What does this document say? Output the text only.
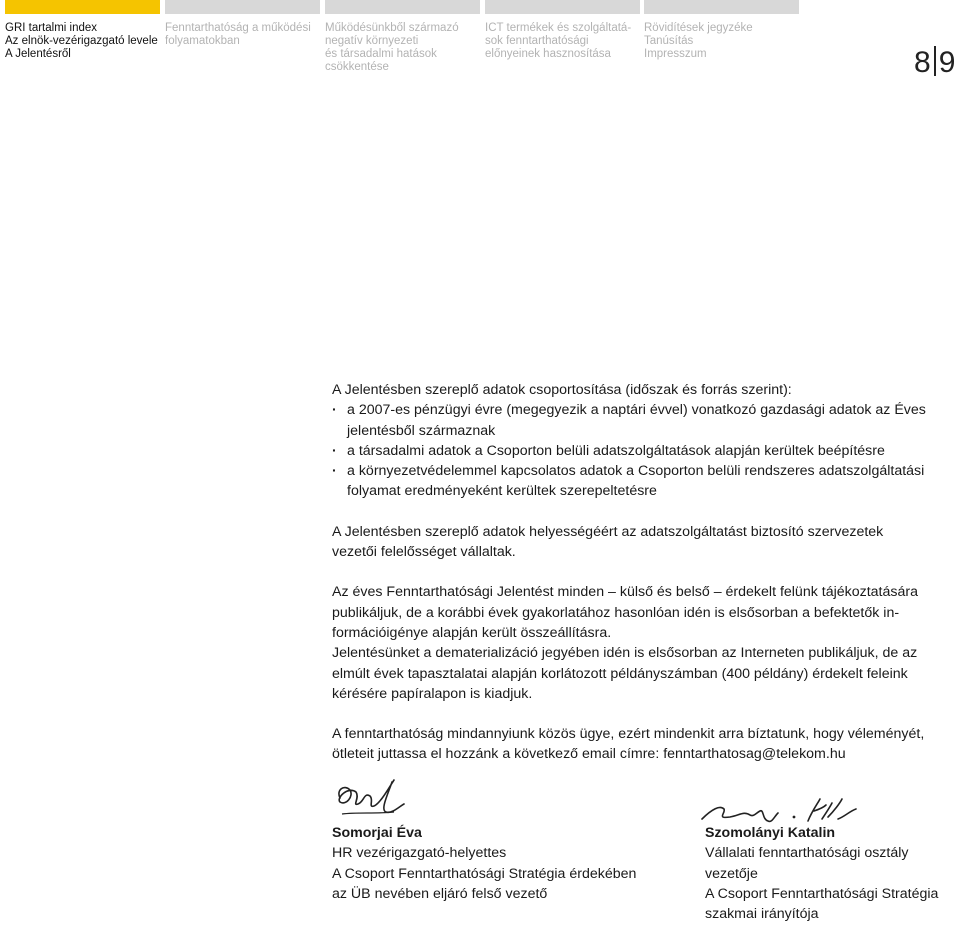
GRI tartalmi index
Az elnök-vezérigazgató levele
A Jelentésről
Fenntarthatóság a működési
folyamatokban
Működésünkből származó
negatív környezeti
és társadalmi hatások
csökkentése
ICT termékek és szolgáltatá-
sok fenntarthatósági
előnyeinek hasznosítása
Rövidítések jegyzéke
Tanúsítás
Impresszum	8 9

A Jelentésben szereplő adatok csoportosítása (időszak és forrás szerint):

· a 2007-es pénzügyi évre (megegyezik a naptári évvel) vonatkozó gazdasági adatok az Éves jelentésből származnak
· a társadalmi adatok a Csoporton belüli adatszolgáltatások alapján kerültek beépítésre
· a környezetvédelemmel kapcsolatos adatok a Csoporton belüli rendszeres adatszolgáltatási folyamat eredményeként kerültek szerepeltetésre

A Jelentésben szereplő adatok helyességéért az adatszolgáltatást biztosító szervezetek vezetői felelősséget vállaltak.

Az éves Fenntarthatósági Jelentést minden – külső és belső – érdekelt felünk tájékoztatására publikáljuk, de a korábbi évek gyakorlatához hasonlóan idén is elsősorban a befektetők in- formációigénye alapján került összeállításra.

Jelentésünket a dematerializáció jegyében idén is elsősorban az Interneten publikáljuk, de az elmúlt évek tapasztalatai alapján korlátozott példányszámban (400 példány) érdekelt feleink kérésére papíralapon is kiadjuk.

A fenntarthatóság mindannyiunk közös ügye, ezért mindenkit arra bíztatunk, hogy véleményét, ötleteit juttassa el hozzánk a következő email címre: fenntarthatosag@telekom.hu

Somorjai Éva
HR vezérigazgató-helyettes
A Csoport Fenntarthatósági Stratégia érdekében
az ÜB nevében eljáró felső vezető
Szomolányi Katalin
Vállalati fenntarthatósági osztály
vezetője
A Csoport Fenntarthatósági Stratégia
szakmai irányítója
